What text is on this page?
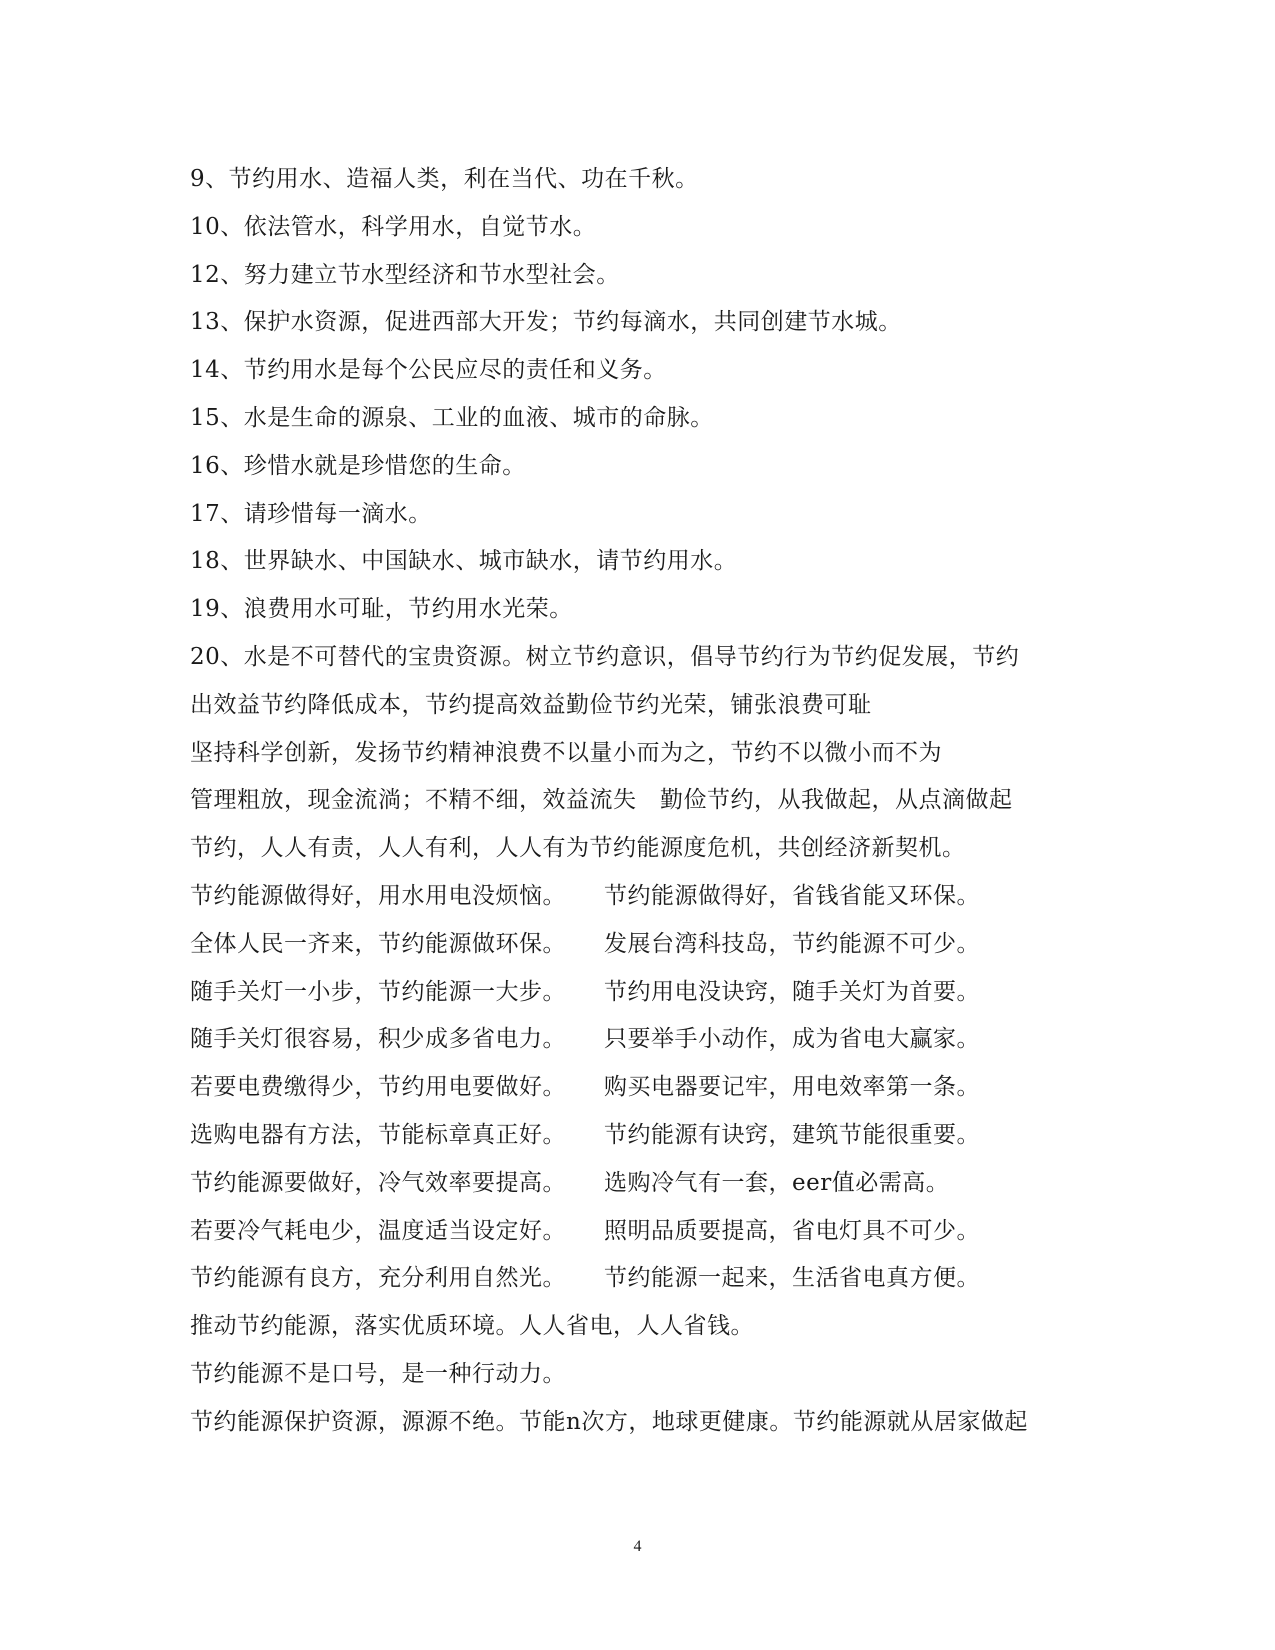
9、节约用水、造福人类，利在当代、功在千秋。
10、依法管水，科学用水，自觉节水。
12、努力建立节水型经济和节水型社会。
13、保护水资源，促进西部大开发；节约每滴水，共同创建节水城。
14、节约用水是每个公民应尽的责任和义务。
15、水是生命的源泉、工业的血液、城市的命脉。
16、珍惜水就是珍惜您的生命。
17、请珍惜每一滴水。
18、世界缺水、中国缺水、城市缺水，请节约用水。
19、浪费用水可耻，节约用水光荣。
20、水是不可替代的宝贵资源。树立节约意识，倡导节约行为节约促发展，节约
出效益节约降低成本，节约提高效益勤俭节约光荣，铺张浪费可耻
坚持科学创新，发扬节约精神浪费不以量小而为之，节约不以微小而不为
管理粗放，现金流淌；不精不细，效益流失　勤俭节约，从我做起，从点滴做起
节约，人人有责，人人有利，人人有为节约能源度危机，共创经济新契机。
节约能源做得好，用水用电没烦恼。 节约能源做得好，省钱省能又环保。
全体人民一齐来，节约能源做环保。 发展台湾科技岛，节约能源不可少。
随手关灯一小步，节约能源一大步。 节约用电没诀窍，随手关灯为首要。
随手关灯很容易，积少成多省电力。 只要举手小动作，成为省电大赢家。
若要电费缴得少，节约用电要做好。 购买电器要记牢，用电效率第一条。
选购电器有方法，节能标章真正好。 节约能源有诀窍，建筑节能很重要。
节约能源要做好，冷气效率要提高。 选购冷气有一套，eer值必需高。
若要冷气耗电少，温度适当设定好。 照明品质要提高，省电灯具不可少。
节约能源有良方，充分利用自然光。 节约能源一起来，生活省电真方便。
推动节约能源，落实优质环境。人人省电，人人省钱。
节约能源不是口号，是一种行动力。
节约能源保护资源，源源不绝。节能n次方，地球更健康。节约能源就从居家做起
4
